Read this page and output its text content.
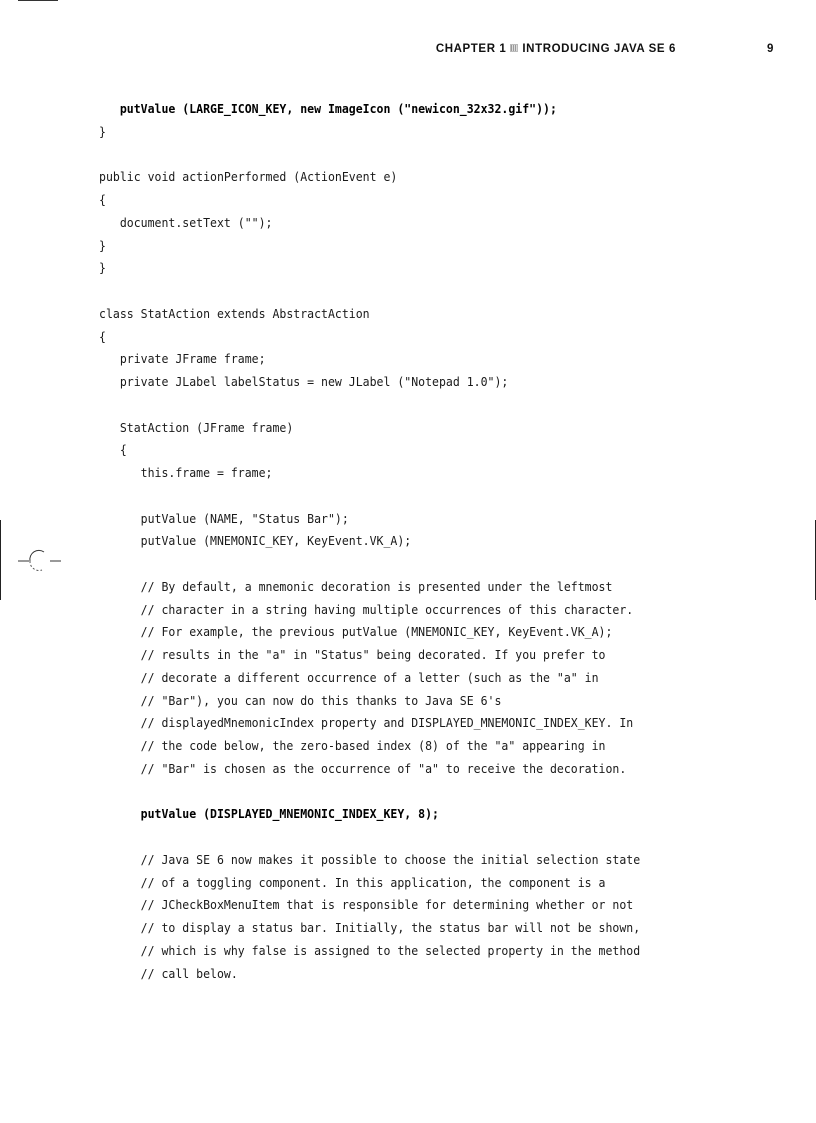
CHAPTER 1 INTRODUCING JAVA SE 6	9
putValue (LARGE_ICON_KEY, new ImageIcon ("newicon_32x32.gif"));
}

public void actionPerformed (ActionEvent e)
{
document.setText ("");
}
}

class StatAction extends AbstractAction
{
private JFrame frame;
private JLabel labelStatus = new JLabel ("Notepad 1.0");

StatAction (JFrame frame)
{
this.frame = frame;

putValue (NAME, "Status Bar");
putValue (MNEMONIC_KEY, KeyEvent.VK_A);

// By default, a mnemonic decoration is presented under the leftmost
// character in a string having multiple occurrences of this character.
// For example, the previous putValue (MNEMONIC_KEY, KeyEvent.VK_A);
// results in the "a" in "Status" being decorated. If you prefer to
// decorate a different occurrence of a letter (such as the "a" in
// "Bar"), you can now do this thanks to Java SE 6's
// displayedMnemonicIndex property and DISPLAYED_MNEMONIC_INDEX_KEY. In
// the code below, the zero-based index (8) of the "a" appearing in
// "Bar" is chosen as the occurrence of "a" to receive the decoration.

putValue (DISPLAYED_MNEMONIC_INDEX_KEY, 8);

// Java SE 6 now makes it possible to choose the initial selection state
// of a toggling component. In this application, the component is a
// JCheckBoxMenuItem that is responsible for determining whether or not
// to display a status bar. Initially, the status bar will not be shown,
// which is why false is assigned to the selected property in the method
// call below.
